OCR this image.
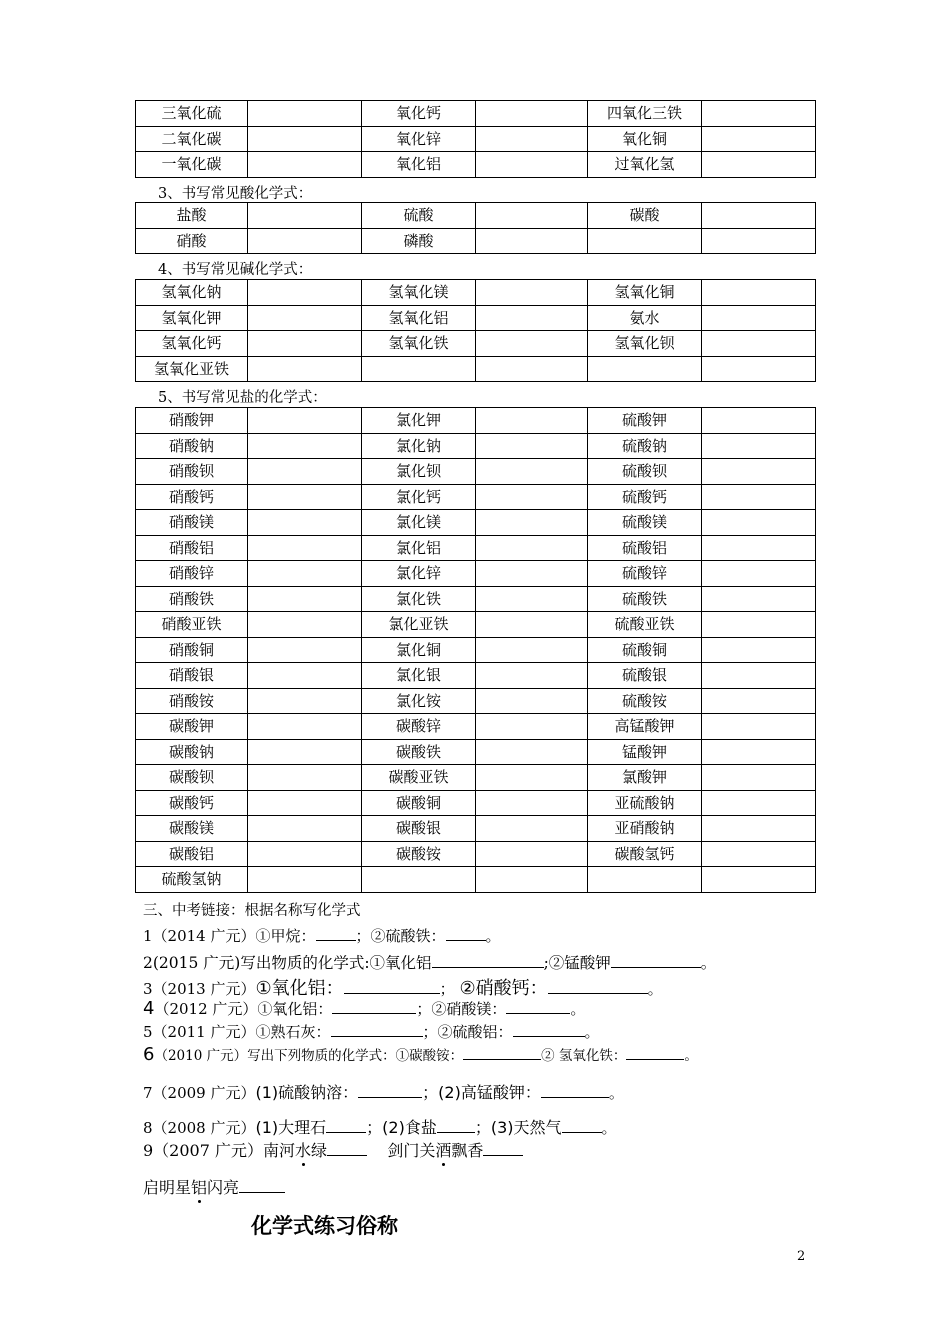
三氧化硫		氧化钙		四氧化三铁	
二氧化碳		氧化锌		氧化铜	
一氧化碳		氧化铝		过氧化氢	
3、书写常见酸化学式：
盐酸		硫酸		碳酸	
硝酸		磷酸			
4、书写常见碱化学式：
氢氧化钠		氢氧化镁		氢氧化铜	
氢氧化钾		氢氧化铝		氨水	
氢氧化钙		氢氧化铁		氢氧化钡	
氢氧化亚铁					
5、书写常见盐的化学式：
硝酸钾		氯化钾		硫酸钾	
硝酸钠		氯化钠		硫酸钠	
硝酸钡		氯化钡		硫酸钡	
硝酸钙		氯化钙		硫酸钙	
硝酸镁		氯化镁		硫酸镁	
硝酸铝		氯化铝		硫酸铝	
硝酸锌		氯化锌		硫酸锌	
硝酸铁		氯化铁		硫酸铁	
硝酸亚铁		氯化亚铁		硫酸亚铁	
硝酸铜		氯化铜		硫酸铜	
硝酸银		氯化银		硫酸银	
硝酸铵		氯化铵		硫酸铵	
碳酸钾		碳酸锌		高锰酸钾	
碳酸钠		碳酸铁		锰酸钾	
碳酸钡		碳酸亚铁		氯酸钾	
碳酸钙		碳酸铜		亚硫酸钠	
碳酸镁		碳酸银		亚硝酸钠	
碳酸铝		碳酸铵		碳酸氢钙	
硫酸氢钠					
三、中考链接：根据名称写化学式
1（2014 广元）①甲烷：	；②硫酸铁：	。
2(2015 广元)写出物质的化学式:①氧化铝	;②锰酸钾	。
3（2013 广元）①氧化铝：	； ②硝酸钙：	。
4（2012 广元）①氧化铝：	；②硝酸镁：	。
5（2011 广元）①熟石灰：	；②硫酸铝：	。
6（2010 广元）写出下列物质的化学式：①碳酸铵：	② 氢氧化铁：	。
7（2009 广元）(1)硫酸钠溶：	；(2)高锰酸钾：	。
8（2008 广元）(1)大理石	；(2)食盐 ；(3)天然气	。
9（2007 广元）南河水绿	剑门关酒飘香
启明星铝闪亮
化学式练习俗称
2
